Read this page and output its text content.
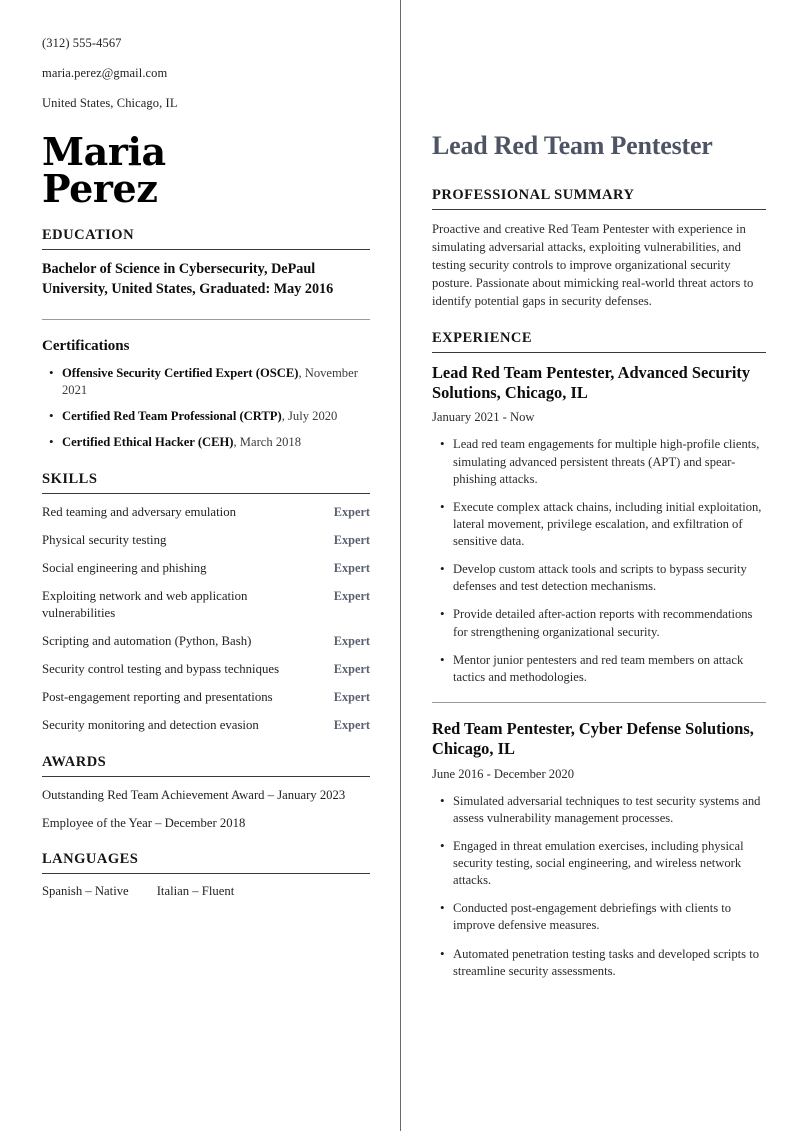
(312) 555-4567
maria.perez@gmail.com
United States, Chicago, IL
Maria
Perez
EDUCATION
Bachelor of Science in Cybersecurity, DePaul University, United States, Graduated: May 2016
Certifications
• Offensive Security Certified Expert (OSCE), November 2021
• Certified Red Team Professional (CRTP), July 2020
• Certified Ethical Hacker (CEH), March 2018
SKILLS
Red teaming and adversary emulation	Expert
Physical security testing	Expert
Social engineering and phishing	Expert
Exploiting network and web application vulnerabilities
Expert
Scripting and automation (Python, Bash)	Expert
Security control testing and bypass techniques	Expert
Post-engagement reporting and presentations	Expert
Security monitoring and detection evasion	Expert
AWARDS
Outstanding Red Team Achievement Award – January 2023
Employee of the Year – December 2018
LANGUAGES
Spanish – Native Italian – Fluent
Lead Red Team Pentester
PROFESSIONAL SUMMARY
Proactive and creative Red Team Pentester with experience in simulating adversarial attacks, exploiting vulnerabilities, and testing security controls to improve organizational security posture. Passionate about mimicking real-world threat actors to identify potential gaps in security defenses.
EXPERIENCE
Lead Red Team Pentester, Advanced Security Solutions, Chicago, IL
January 2021 - Now
• Lead red team engagements for multiple high-profile clients, simulating advanced persistent threats (APT) and spear-phishing attacks.
• Execute complex attack chains, including initial exploitation, lateral movement, privilege escalation, and exfiltration of sensitive data.
• Develop custom attack tools and scripts to bypass security defenses and test detection mechanisms.
• Provide detailed after-action reports with recommendations for strengthening organizational security.
• Mentor junior pentesters and red team members on attack tactics and methodologies.
Red Team Pentester, Cyber Defense Solutions, Chicago, IL
June 2016 - December 2020
• Simulated adversarial techniques to test security systems and assess vulnerability management processes.
• Engaged in threat emulation exercises, including physical security testing, social engineering, and wireless network attacks.
• Conducted post-engagement debriefings with clients to improve defensive measures.
• Automated penetration testing tasks and developed scripts to streamline security assessments.
